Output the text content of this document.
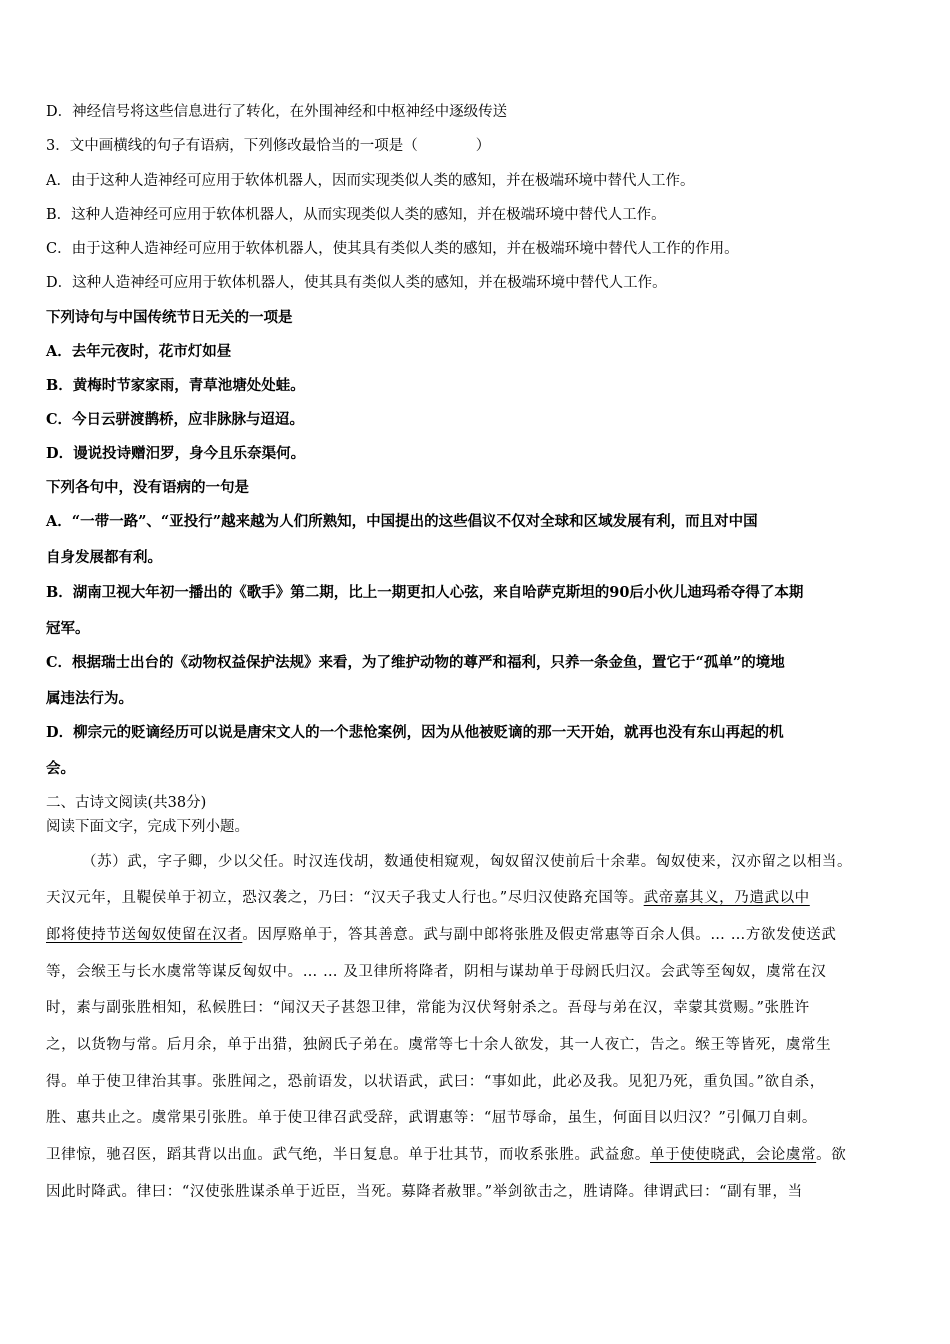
D．神经信号将这些信息进行了转化，在外围神经和中枢神经中逐级传送
3．文中画横线的句子有语病，下列修改最恰当的一项是（	）
A．由于这种人造神经可应用于软体机器人，因而实现类似人类的感知，并在极端环境中替代人工作。
B．这种人造神经可应用于软体机器人，从而实现类似人类的感知，并在极端环境中替代人工作。
C．由于这种人造神经可应用于软体机器人，使其具有类似人类的感知，并在极端环境中替代人工作的作用。
D．这种人造神经可应用于软体机器人，使其具有类似人类的感知，并在极端环境中替代人工作。
下列诗句与中国传统节日无关的一项是
A．去年元夜时，花市灯如昼
B．黄梅时节家家雨，青草池塘处处蛙。
C．今日云骈渡鹊桥，应非脉脉与迢迢。
D．谩说投诗赠汨罗，身今且乐奈渠何。
下列各句中，没有语病的一句是
A．“一带一路”、“亚投行”越来越为人们所熟知，中国提出的这些倡议不仅对全球和区域发展有利，而且对中国
自身发展都有利。
B．湖南卫视大年初一播出的《歌手》第二期，比上一期更扣人心弦，来自哈萨克斯坦的90后小伙儿迪玛希夺得了本期
冠军。
C．根据瑞士出台的《动物权益保护法规》来看，为了维护动物的尊严和福利，只养一条金鱼，置它于“孤单”的境地
属违法行为。
D．柳宗元的贬谪经历可以说是唐宋文人的一个悲怆案例，因为从他被贬谪的那一天开始，就再也没有东山再起的机
会。
二、古诗文阅读(共38分)
阅读下面文字，完成下列小题。
（苏）武，字子卿，少以父任。时汉连伐胡，数通使相窥观，匈奴留汉使前后十余辈。匈奴使来，汉亦留之以相当。
天汉元年，且鞮侯单于初立，恐汉袭之，乃曰：“汉天子我丈人行也。”尽归汉使路充国等。武帝嘉其义，乃遣武以中
郎将使持节送匈奴使留在汉者。因厚赂单于，答其善意。武与副中郎将张胜及假吏常惠等百余人俱。… …方欲发使送武
等，会缑王与长水虞常等谋反匈奴中。… … 及卫律所将降者，阴相与谋劫单于母阏氏归汉。会武等至匈奴，虞常在汉
时，素与副张胜相知，私候胜曰：“闻汉天子甚怨卫律，常能为汉伏弩射杀之。吾母与弟在汉，幸蒙其赏赐。”张胜许
之，以货物与常。后月余，单于出猎，独阏氏子弟在。虞常等七十余人欲发，其一人夜亡，告之。缑王等皆死，虞常生
得。单于使卫律治其事。张胜闻之，恐前语发，以状语武，武曰：“事如此，此必及我。见犯乃死，重负国。”欲自杀，
胜、惠共止之。虞常果引张胜。单于使卫律召武受辞，武谓惠等：“屈节辱命，虽生，何面目以归汉？”引佩刀自刺。
卫律惊，驰召医，蹈其背以出血。武气绝，半日复息。单于壮其节，而收系张胜。武益愈。单于使使晓武，会论虞常。欲
因此时降武。律曰：“汉使张胜谋杀单于近臣，当死。募降者赦罪。”举剑欲击之，胜请降。律谓武曰：“副有罪，当
